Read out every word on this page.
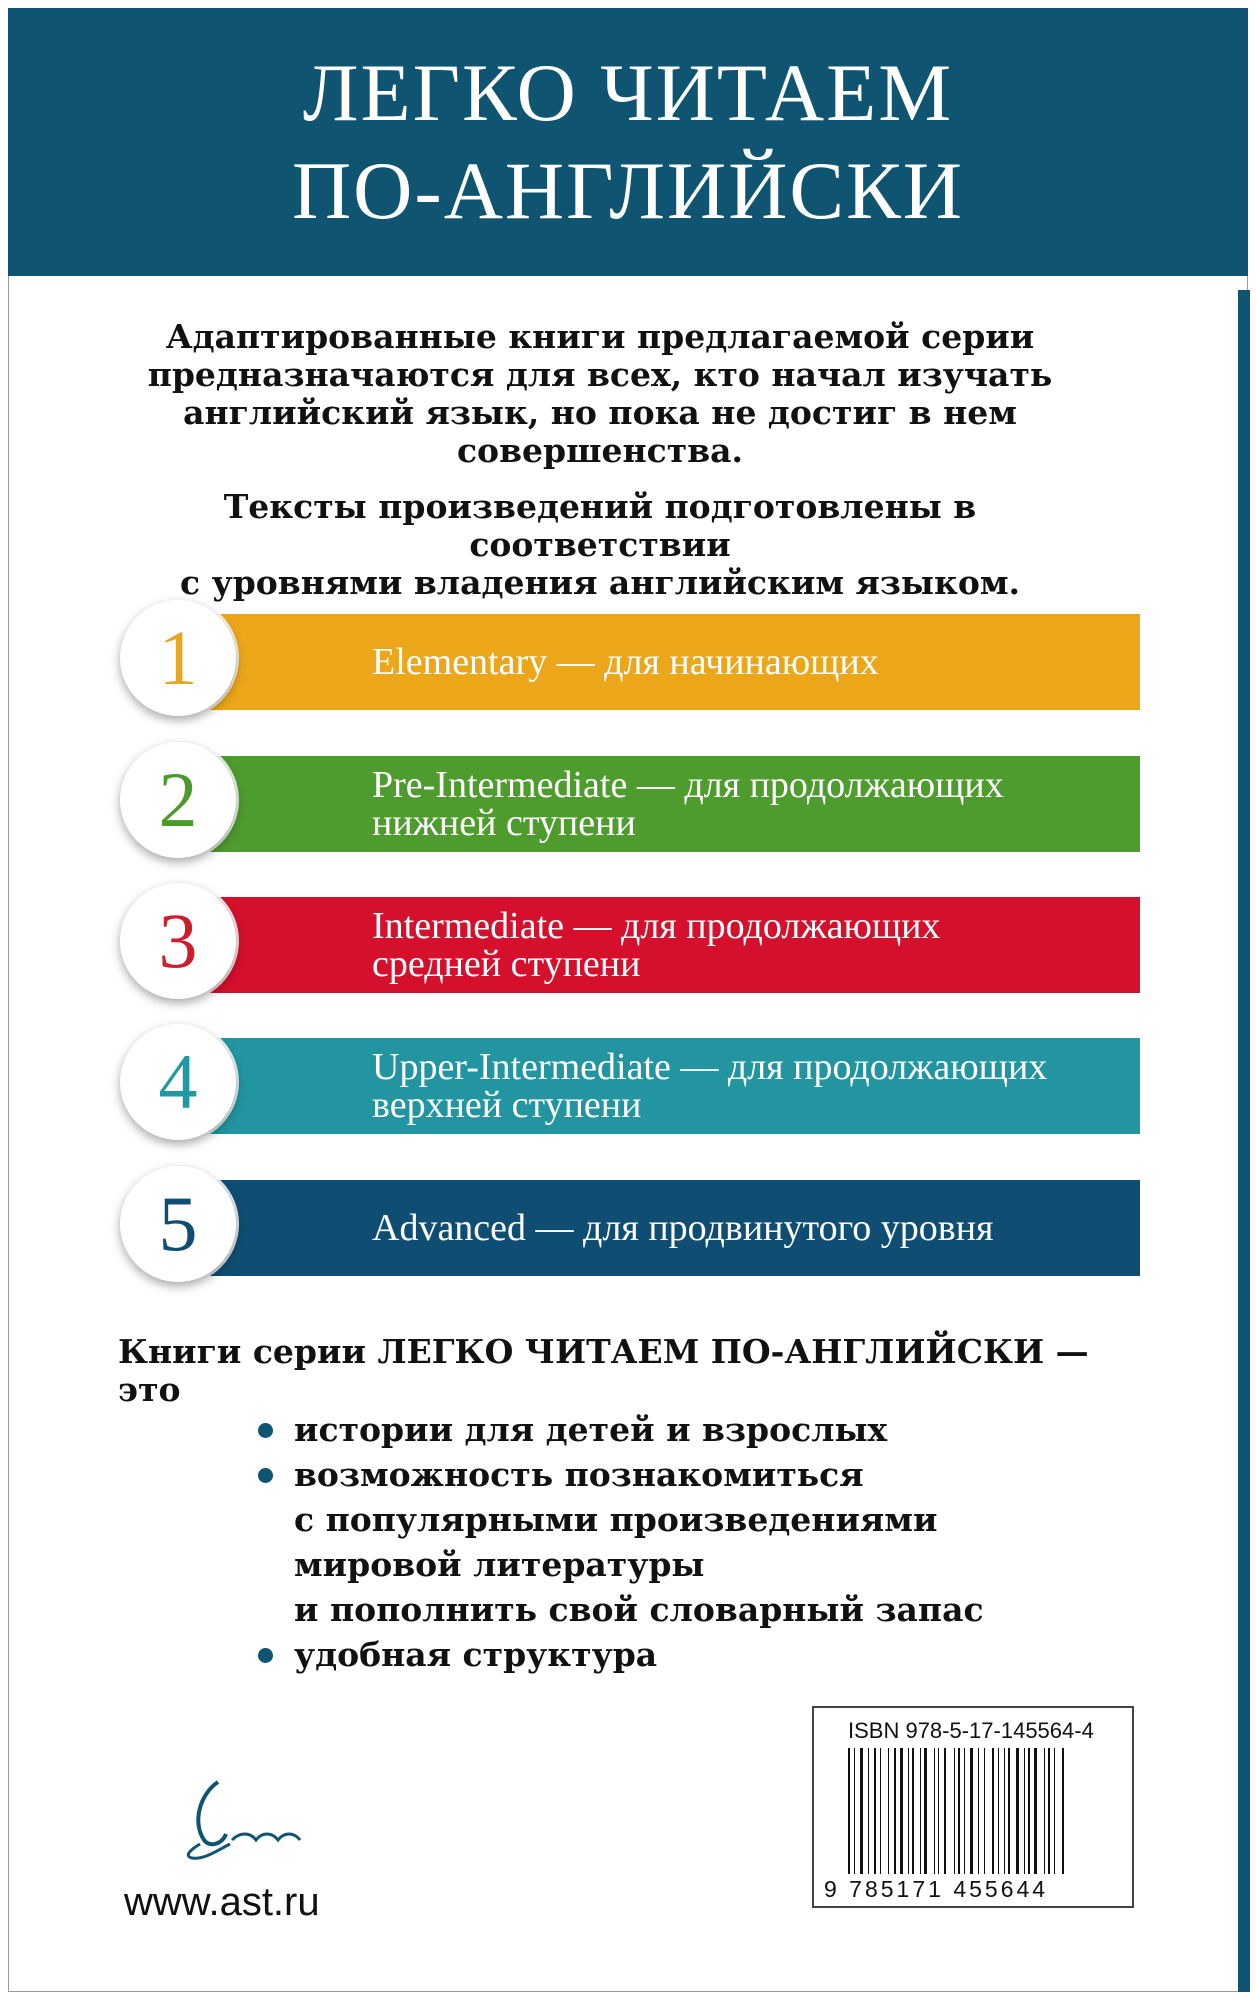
ЛЕГКО ЧИТАЕМ
ПО-АНГЛИЙСКИ

Адаптированные книги предлагаемой серии
предназначаются для всех, кто начал изучать
английский язык, но пока не достиг в нем
совершенства.

Тексты произведений подготовлены в соответствии
с уровнями владения английским языком.

Elementary — для начинающих
1
Pre-Intermediate — для продолжающих
нижней ступени
2
Intermediate — для продолжающих
средней ступени
3
Upper-Intermediate — для продолжающих
верхней ступени
4
Advanced — для продвинутого уровня
5
Книги серии ЛЕГКО ЧИТАЕМ ПО-АНГЛИЙСКИ — это
истории для детей и взрослых
возможность познакомиться
с популярными произведениями
мировой литературы
и пополнить свой словарный запас
удобная структура
ISBN 978-5-17-145564-4
9 785171 455644
www.ast.ru
